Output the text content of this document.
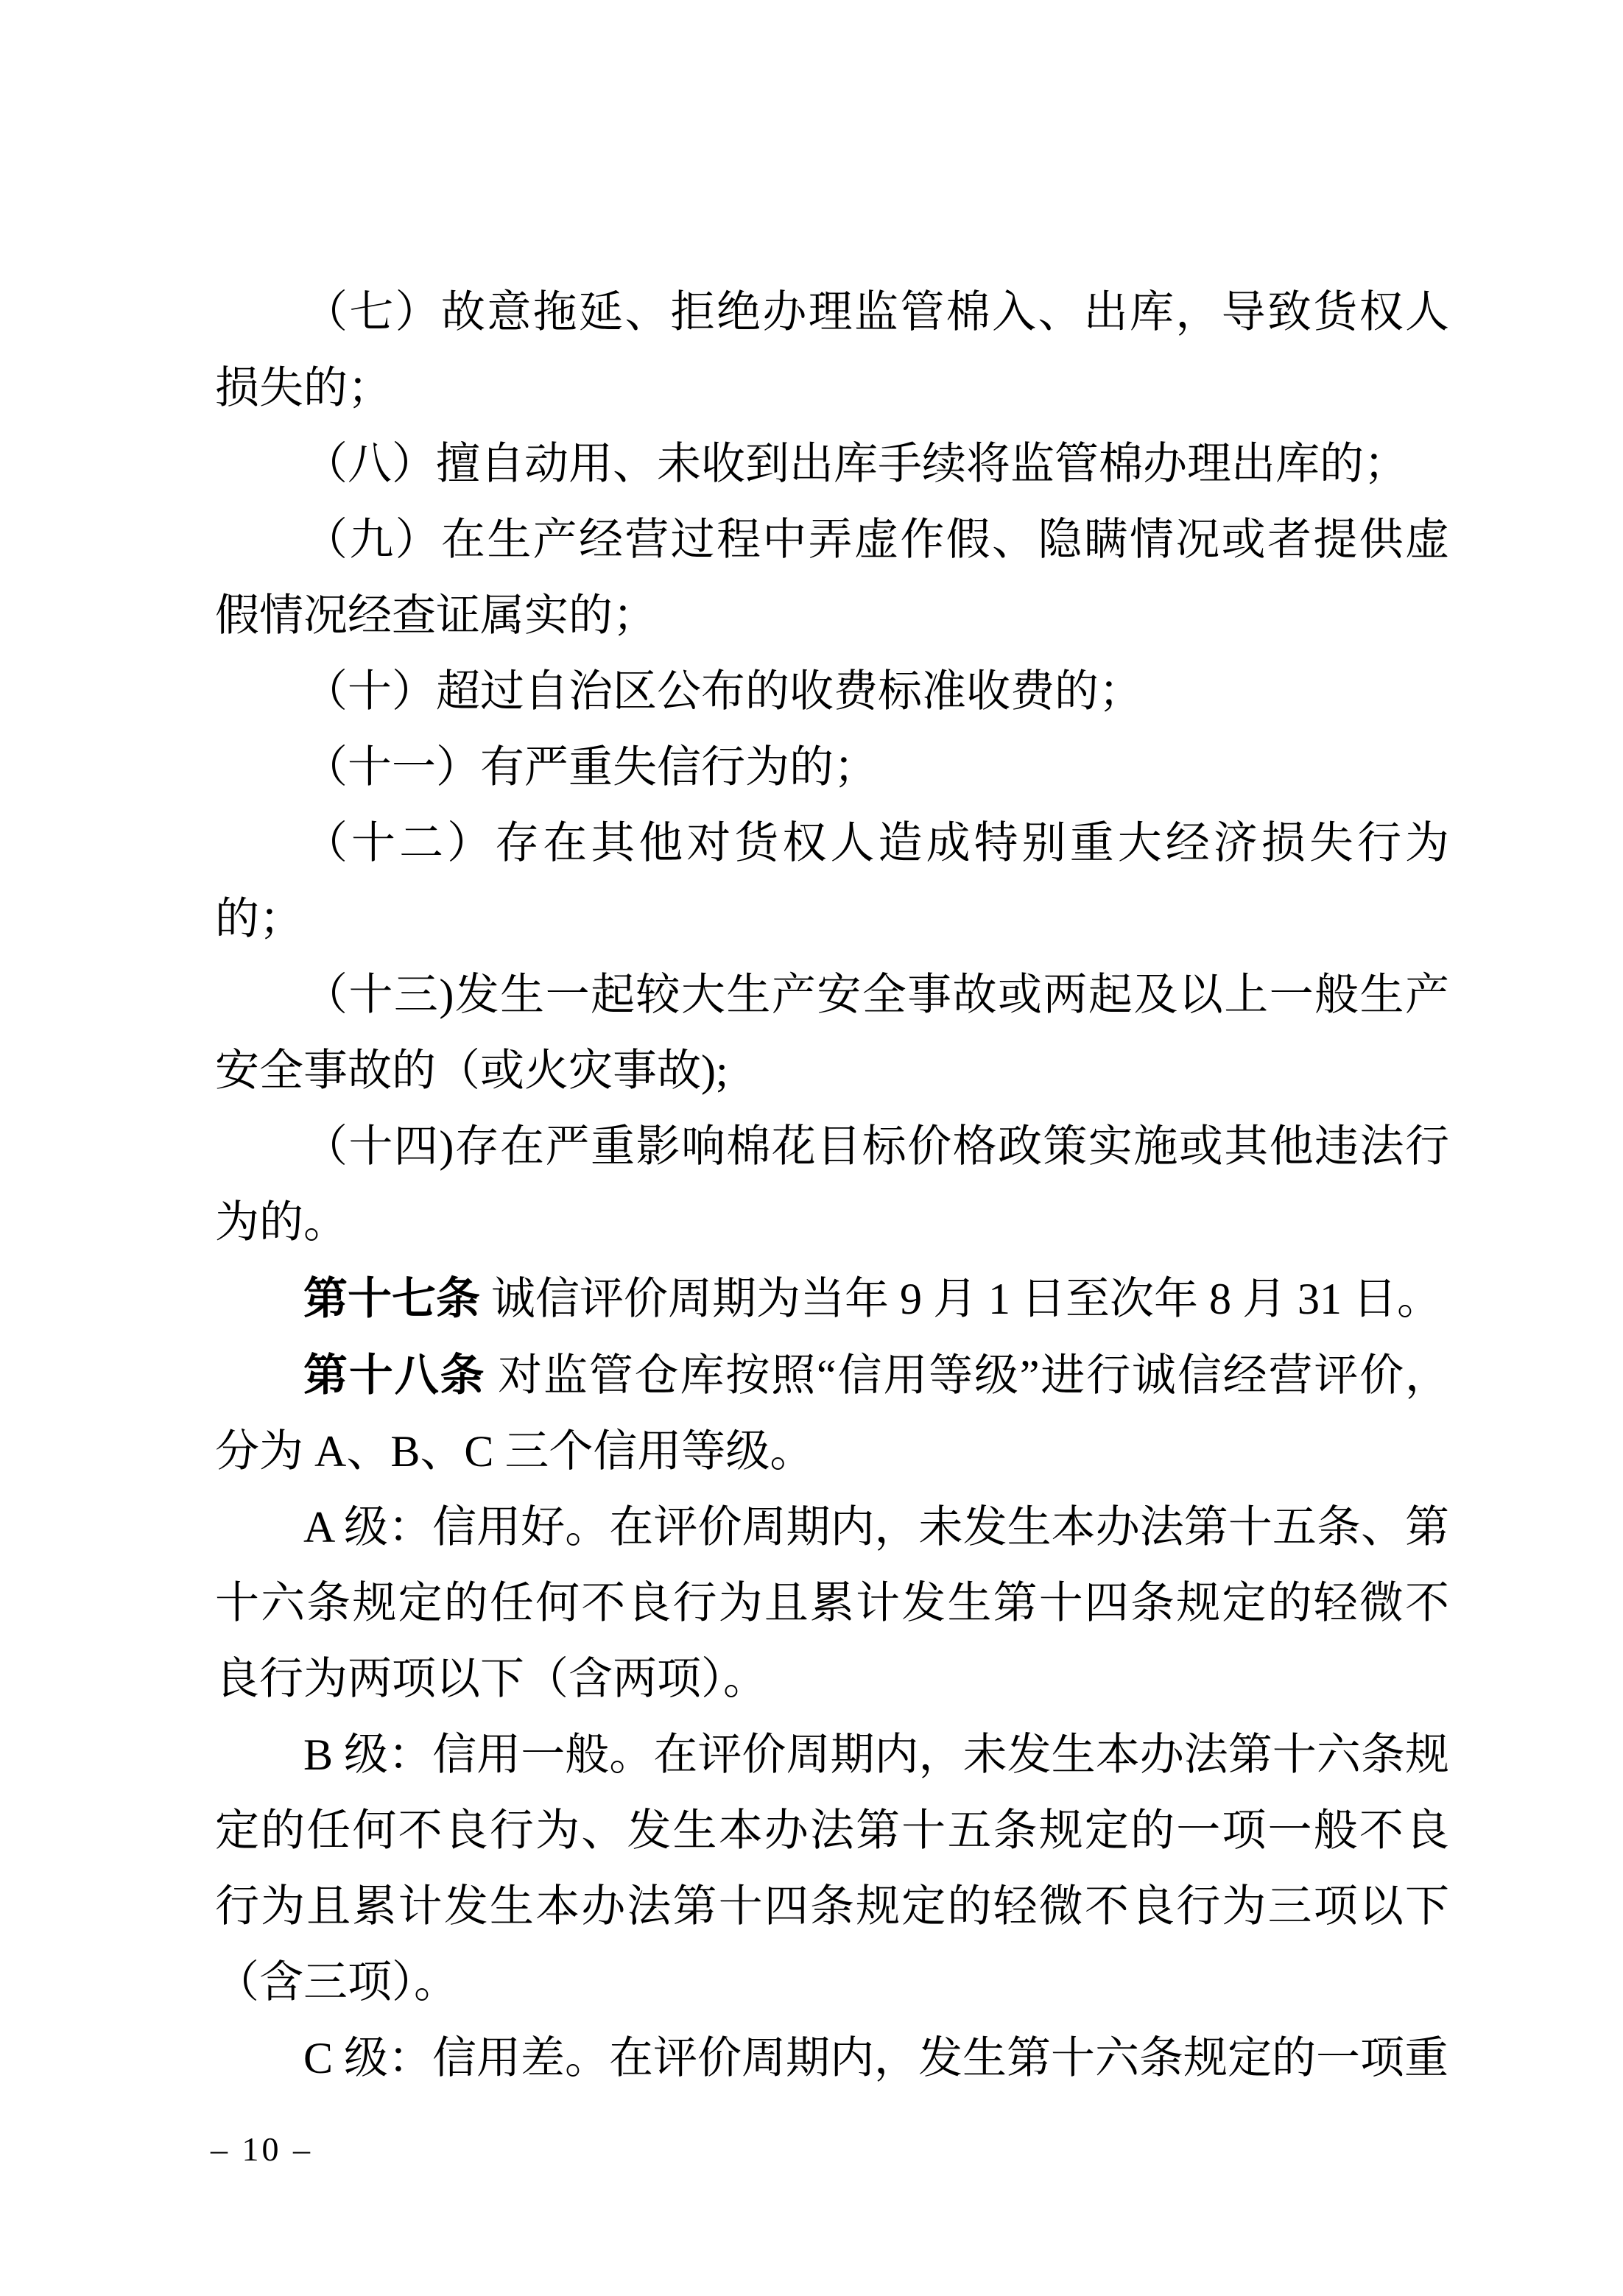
（七）故意拖延、拒绝办理监管棉入、出库，导致货权人损失的；

（八）擅自动用、未收到出库手续将监管棉办理出库的；

（九）在生产经营过程中弄虚作假、隐瞒情况或者提供虚假情况经查证属实的；

（十）超过自治区公布的收费标准收费的；

（十一）有严重失信行为的；

（十二）存在其他对货权人造成特别重大经济损失行为的；

（十三)发生一起较大生产安全事故或两起及以上一般生产安全事故的（或火灾事故);

（十四)存在严重影响棉花目标价格政策实施或其他违法行为的。

第十七条 诚信评价周期为当年 9 月 1 日至次年 8 月 31 日。

第十八条 对监管仓库按照“信用等级”进行诚信经营评价，分为 A、B、C 三个信用等级。

A 级：信用好。在评价周期内，未发生本办法第十五条、第十六条规定的任何不良行为且累计发生第十四条规定的轻微不良行为两项以下（含两项）。

B 级：信用一般。在评价周期内，未发生本办法第十六条规定的任何不良行为、发生本办法第十五条规定的一项一般不良行为且累计发生本办法第十四条规定的轻微不良行为三项以下（含三项）。

C 级：信用差。在评价周期内，发生第十六条规定的一项重

– 10 –
